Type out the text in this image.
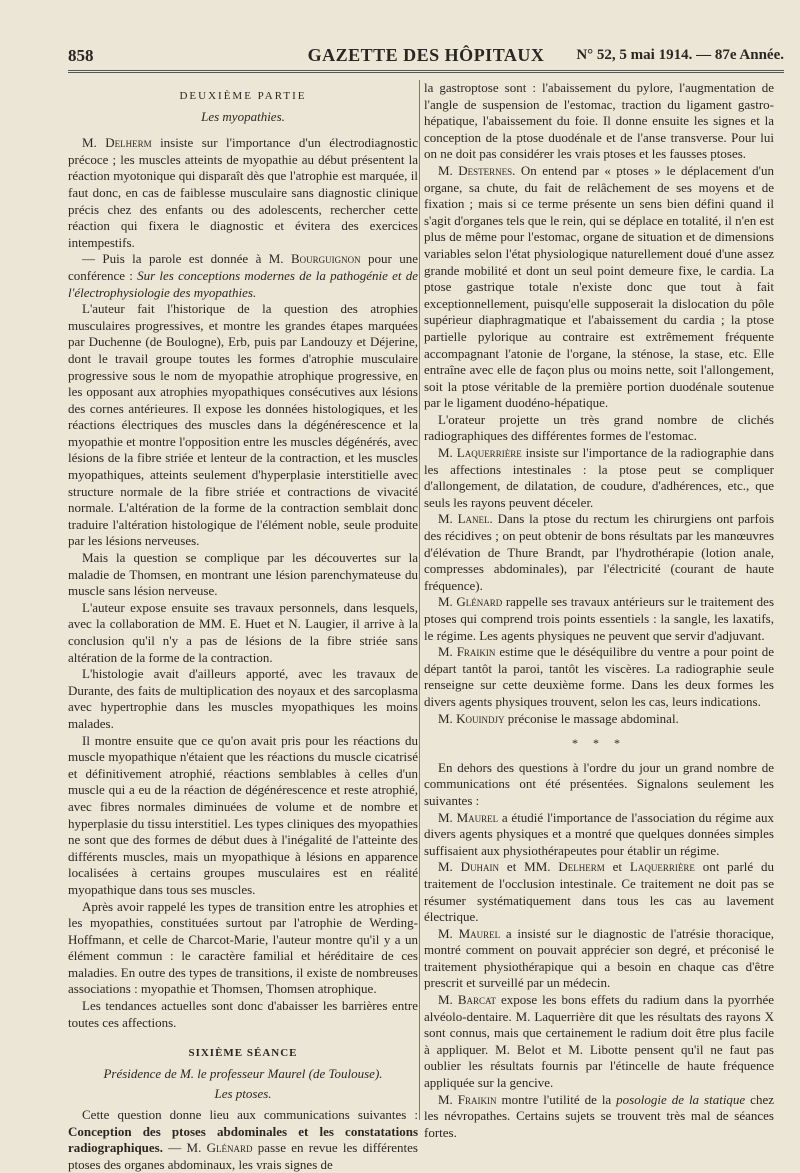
858	GAZETTE DES HÔPITAUX	N° 52, 5 mai 1914. — 87e Année.
DEUXIÈME PARTIE
Les myopathies.

M. Delherm insiste sur l'importance d'un électrodiagnostic précoce ; les muscles atteints de myopathie au début présentent la réaction myotonique qui disparaît dès que l'atrophie est marquée, il faut donc, en cas de faiblesse musculaire sans diagnostic clinique précis chez des enfants ou des adolescents, rechercher cette réaction qui fixera le diagnostic et évitera des exercices intempestifs.

— Puis la parole est donnée à M. Bourguignon pour une conférence : Sur les conceptions modernes de la pathogénie et de l'électrophysiologie des myopathies.

L'auteur fait l'historique de la question des atrophies musculaires progressives, et montre les grandes étapes marquées par Duchenne (de Boulogne), Erb, puis par Landouzy et Déjerine, dont le travail groupe toutes les formes d'atrophie musculaire progressive sous le nom de myopathie atrophique progressive, en les opposant aux atrophies myopathiques consécutives aux lésions des cornes antérieures. Il expose les données histologiques, et les réactions électriques des muscles dans la dégénérescence et la myopathie et montre l'opposition entre les muscles dégénérés, avec lésions de la fibre striée et lenteur de la contraction, et les muscles myopathiques, atteints seulement d'hyperplasie interstitielle avec structure normale de la fibre striée et contractions de vivacité normale. L'altération de la forme de la contraction semblait donc traduire l'altération histologique de l'élément noble, seule produite par les lésions nerveuses.

Mais la question se complique par les découvertes sur la maladie de Thomsen, en montrant une lésion parenchymateuse du muscle sans lésion nerveuse.

L'auteur expose ensuite ses travaux personnels, dans lesquels, avec la collaboration de MM. E. Huet et N. Laugier, il arrive à la conclusion qu'il n'y a pas de lésions de la fibre striée sans altération de la forme de la contraction.

L'histologie avait d'ailleurs apporté, avec les travaux de Durante, des faits de multiplication des noyaux et des sarcoplasma avec hypertrophie dans les muscles myopathiques les moins malades.

Il montre ensuite que ce qu'on avait pris pour les réactions du muscle myopathique n'étaient que les réactions du muscle cicatrisé et définitivement atrophié, réactions semblables à celles d'un muscle qui a eu de la réaction de dégénérescence et reste atrophié, avec fibres normales diminuées de volume et de nombre et hyperplasie du tissu interstitiel. Les types cliniques des myopathies ne sont que des formes de début dues à l'inégalité de l'atteinte des différents muscles, mais un myopathique à lésions en apparence localisées à certains groupes musculaires est en réalité myopathique dans tous ses muscles.

Après avoir rappelé les types de transition entre les atrophies et les myopathies, constituées surtout par l'atrophie de Werding-Hoffmann, et celle de Charcot-Marie, l'auteur montre qu'il y a un élément commun : le caractère familial et héréditaire de ces maladies. En outre des types de transitions, il existe de nombreuses associations : myopathie et Thomsen, Thomsen atrophique.

Les tendances actuelles sont donc d'abaisser les barrières entre toutes ces affections.

SIXIÈME SÉANCE
Présidence de M. le professeur Maurel (de Toulouse).
Les ptoses.

Cette question donne lieu aux communications suivantes : Conception des ptoses abdominales et les constatations radiographiques. — M. Glénard passe en revue les différentes ptoses des organes abdominaux, les vrais signes de

la gastroptose sont : l'abaissement du pylore, l'augmentation de l'angle de suspension de l'estomac, traction du ligament gastro-hépatique, l'abaissement du foie. Il donne ensuite les signes et la conception de la ptose duodénale et de l'anse transverse. Pour lui on ne doit pas considérer les vrais ptoses et les fausses ptoses.

M. Desternes. On entend par « ptoses » le déplacement d'un organe, sa chute, du fait de relâchement de ses moyens et de fixation ; mais si ce terme présente un sens bien défini quand il s'agit d'organes tels que le rein, qui se déplace en totalité, il n'en est plus de même pour l'estomac, organe de situation et de dimensions variables selon l'état physiologique naturellement doué d'une assez grande mobilité et dont un seul point demeure fixe, le cardia. La ptose gastrique totale n'existe donc que tout à fait exceptionnellement, puisqu'elle supposerait la dislocation du pôle supérieur diaphragmatique et l'abaissement du cardia ; la ptose partielle pylorique au contraire est extrêmement fréquente accompagnant l'atonie de l'organe, la sténose, la stase, etc. Elle entraîne avec elle de façon plus ou moins nette, soit l'allongement, soit la ptose véritable de la première portion duodénale soutenue par le ligament duodéno-hépatique.

L'orateur projette un très grand nombre de clichés radiographiques des différentes formes de l'estomac.

M. Laquerrière insiste sur l'importance de la radiographie dans les affections intestinales : la ptose peut se compliquer d'allongement, de dilatation, de coudure, d'adhérences, etc., que seuls les rayons peuvent déceler.

M. Lanel. Dans la ptose du rectum les chirurgiens ont parfois des récidives ; on peut obtenir de bons résultats par les manœuvres d'élévation de Thure Brandt, par l'hydrothérapie (lotion anale, compresses abdominales), par l'électricité (courant de haute fréquence).

M. Glénard rappelle ses travaux antérieurs sur le traitement des ptoses qui comprend trois points essentiels : la sangle, les laxatifs, le régime. Les agents physiques ne peuvent que servir d'adjuvant.

M. Fraikin estime que le déséquilibre du ventre a pour point de départ tantôt la paroi, tantôt les viscères. La radiographie seule renseigne sur cette deuxième forme. Dans les deux formes les divers agents physiques trouvent, selon les cas, leurs indications.

M. Kouindjy préconise le massage abdominal.

* * *

En dehors des questions à l'ordre du jour un grand nombre de communications ont été présentées. Signalons seulement les suivantes :

M. Maurel a étudié l'importance de l'association du régime aux divers agents physiques et a montré que quelques données simples suffisaient aux physiothérapeutes pour établir un régime.

M. Duhain et MM. Delherm et Laquerrière ont parlé du traitement de l'occlusion intestinale. Ce traitement ne doit pas se résumer systématiquement dans tous les cas au lavement électrique.

M. Maurel a insisté sur le diagnostic de l'atrésie thoracique, montré comment on pouvait apprécier son degré, et préconisé le traitement physiothérapique qui a besoin en chaque cas d'être prescrit et surveillé par un médecin.

M. Barcat expose les bons effets du radium dans la pyorrhée alvéolo-dentaire. M. Laquerrière dit que les résultats des rayons X sont connus, mais que certainement le radium doit être plus facile à appliquer. M. Belot et M. Libotte pensent qu'il ne faut pas oublier les résultats fournis par l'étincelle de haute fréquence appliquée sur la gencive.

M. Fraikin montre l'utilité de la posologie de la statique chez les névropathes. Certains sujets se trouvent très mal de séances fortes.
